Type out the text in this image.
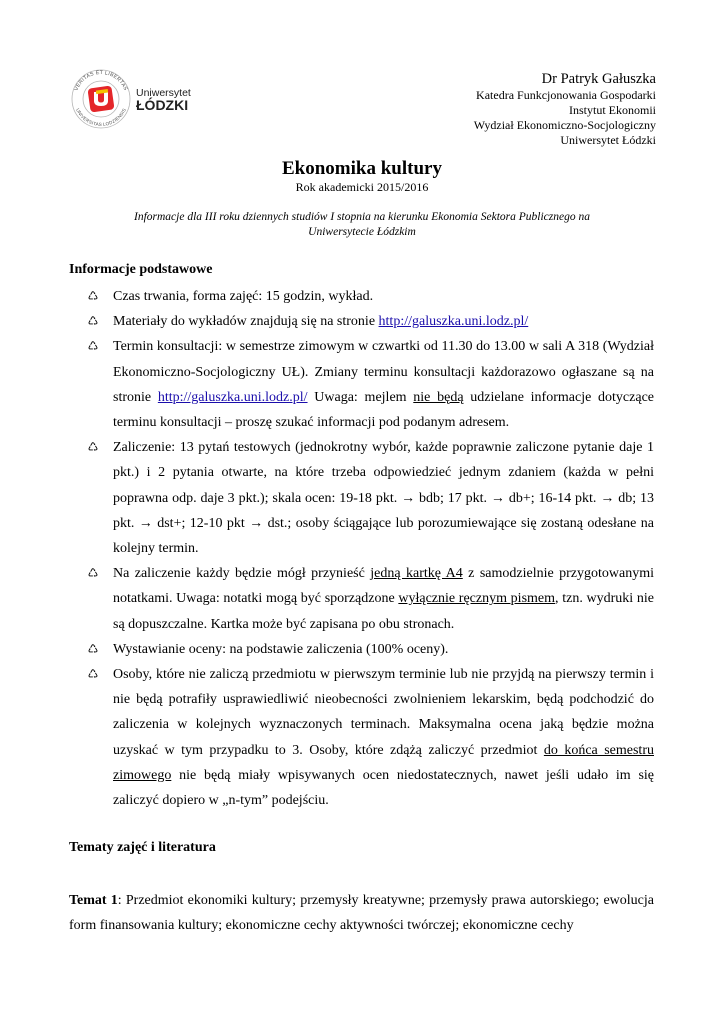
VERITAS ET LIBERTAS
UNIVERSITAS LODZIENSIS
Uniwersytet
ŁÓDZKI
Dr Patryk Gałuszka
Katedra Funkcjonowania Gospodarki
Instytut Ekonomii
Wydział Ekonomiczno-Socjologiczny
Uniwersytet Łódzki
Ekonomika kultury
Rok akademicki 2015/2016
Informacje dla III roku dziennych studiów I stopnia na kierunku Ekonomia Sektora Publicznego na Uniwersytecie Łódzkim
Informacje podstawowe
♺ Czas trwania, forma zajęć: 15 godzin, wykład.
♺ Materiały do wykładów znajdują się na stronie http://galuszka.uni.lodz.pl/
♺ Termin konsultacji: w semestrze zimowym w czwartki od 11.30 do 13.00 w sali A 318 (Wydział Ekonomiczno-Socjologiczny UŁ). Zmiany terminu konsultacji każdorazowo ogłaszane są na stronie http://galuszka.uni.lodz.pl/ Uwaga: mejlem nie będą udzielane informacje dotyczące terminu konsultacji – proszę szukać informacji pod podanym adresem.
♺ Zaliczenie: 13 pytań testowych (jednokrotny wybór, każde poprawnie zaliczone pytanie daje 1 pkt.) i 2 pytania otwarte, na które trzeba odpowiedzieć jednym zdaniem (każda w pełni poprawna odp. daje 3 pkt.); skala ocen: 19-18 pkt. → bdb; 17 pkt. → db+; 16-14 pkt. → db; 13 pkt. → dst+; 12-10 pkt → dst.; osoby ściągające lub porozumiewające się zostaną odesłane na kolejny termin.
♺ Na zaliczenie każdy będzie mógł przynieść jedną kartkę A4 z samodzielnie przygotowanymi notatkami. Uwaga: notatki mogą być sporządzone wyłącznie ręcznym pismem, tzn. wydruki nie są dopuszczalne. Kartka może być zapisana po obu stronach.
♺ Wystawianie oceny: na podstawie zaliczenia (100% oceny).
♺ Osoby, które nie zaliczą przedmiotu w pierwszym terminie lub nie przyjdą na pierwszy termin i nie będą potrafiły usprawiedliwić nieobecności zwolnieniem lekarskim, będą podchodzić do zaliczenia w kolejnych wyznaczonych terminach. Maksymalna ocena jaką będzie można uzyskać w tym przypadku to 3. Osoby, które zdążą zaliczyć przedmiot do końca semestru zimowego nie będą miały wpisywanych ocen niedostatecznych, nawet jeśli udało im się zaliczyć dopiero w „n-tym” podejściu.
Tematy zajęć i literatura
Temat 1: Przedmiot ekonomiki kultury; przemysły kreatywne; przemysły prawa autorskiego; ewolucja form finansowania kultury; ekonomiczne cechy aktywności twórczej; ekonomiczne cechy
